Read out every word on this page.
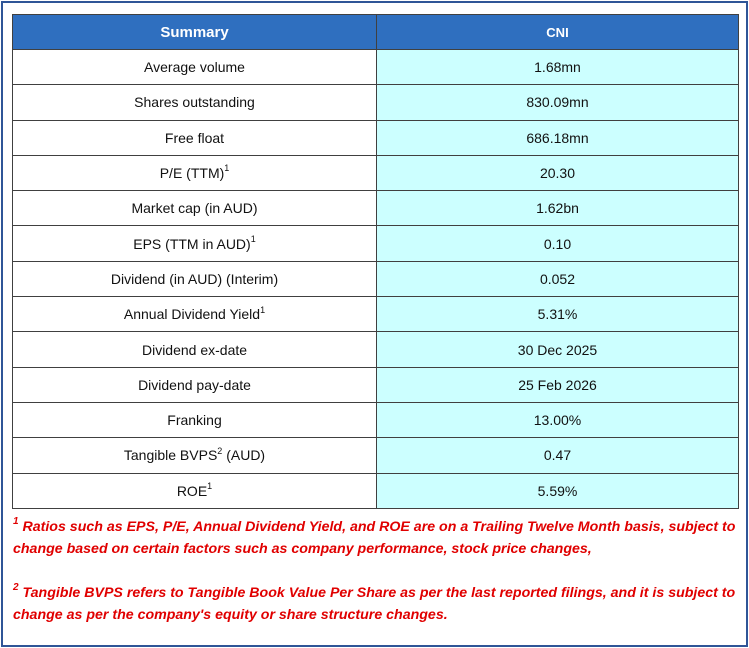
Summary	CNI
Average volume	1.68mn
Shares outstanding	830.09mn
Free float	686.18mn
P/E (TTM)$^1$	20.30
Market cap (in AUD)	1.62bn
EPS (TTM in AUD)$^1$	0.10
Dividend (in AUD) (Interim)	0.052
Annual Dividend Yield$^1$	5.31%
Dividend ex-date	30 Dec 2025
Dividend pay-date	25 Feb 2026
Franking	13.00%
Tangible BVPS$^2$ (AUD)	0.47
ROE$^1$	5.59%

$^1$ Ratios such as EPS, P/E, Annual Dividend Yield, and ROE are on a Trailing Twelve Month basis, subject to change based on certain factors such as company performance, stock price changes,

$^2$ Tangible BVPS refers to Tangible Book Value Per Share as per the last reported filings, and it is subject to change as per the company's equity or share structure changes.
